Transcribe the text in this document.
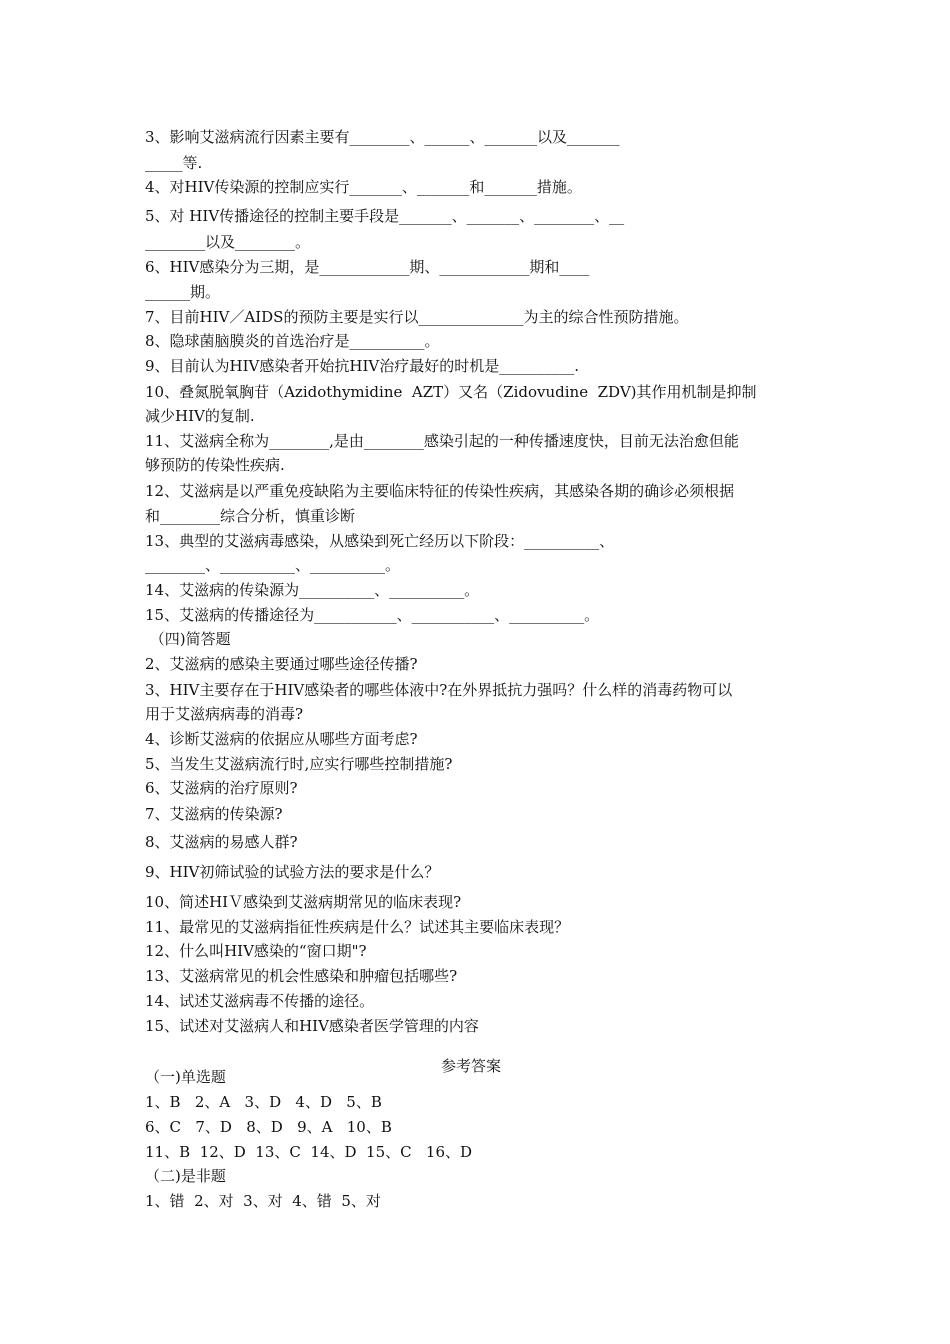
3、影响艾滋病流行因素主要有________、______、_______以及_______

_____等.

4、对HIV传染源的控制应实行_______、_______和_______措施。

5、对 HIV传播途径的控制主要手段是_______、_______、________、__

________以及________。

6、HIV感染分为三期，是____________期、____________期和____

______期。

7、目前HIV／AIDS的预防主要是实行以______________为主的综合性预防措施。

8、隐球菌脑膜炎的首选治疗是__________。

9、目前认为HIV感染者开始抗HIV治疗最好的时机是__________.

10、叠氮脱氧胸苷（Azidothymidine  AZT）又名（Zidovudine  ZDV)其作用机制是抑制

减少HIV的复制.

11、艾滋病全称为________,是由________感染引起的一种传播速度快，目前无法治愈但能

够预防的传染性疾病.

12、艾滋病是以严重免疫缺陷为主要临床特征的传染性疾病，其感染各期的确诊必须根据

和________综合分析，慎重诊断

13、典型的艾滋病毒感染，从感染到死亡经历以下阶段：__________、

________、__________、__________。

14、艾滋病的传染源为__________、__________。

15、艾滋病的传播途径为___________、___________、__________。

（四)简答题

2、艾滋病的感染主要通过哪些途径传播?

3、HIV主要存在于HIV感染者的哪些体液中?在外界抵抗力强吗？什么样的消毒药物可以

用于艾滋病病毒的消毒?

4、诊断艾滋病的依据应从哪些方面考虑?

5、当发生艾滋病流行时,应实行哪些控制措施?

6、艾滋病的治疗原则?

7、艾滋病的传染源?

8、艾滋病的易感人群?

9、HIV初筛试验的试验方法的要求是什么？

10、简述HIＶ感染到艾滋病期常见的临床表现?

11、最常见的艾滋病指征性疾病是什么？试述其主要临床表现？

12、什么叫HIV感染的“窗口期"?

13、艾滋病常见的机会性感染和肿瘤包括哪些?

14、试述艾滋病毒不传播的途径。

15、试述对艾滋病人和HIV感染者医学管理的内容

参考答案

（一)单选题

1、B   2、A   3、D   4、D   5、B

6、C   7、D   8、D   9、A   10、B

11、B  12、D  13、C  14、D  15、C   16、D

（二)是非题

1、错  2、对  3、对  4、错  5、对
